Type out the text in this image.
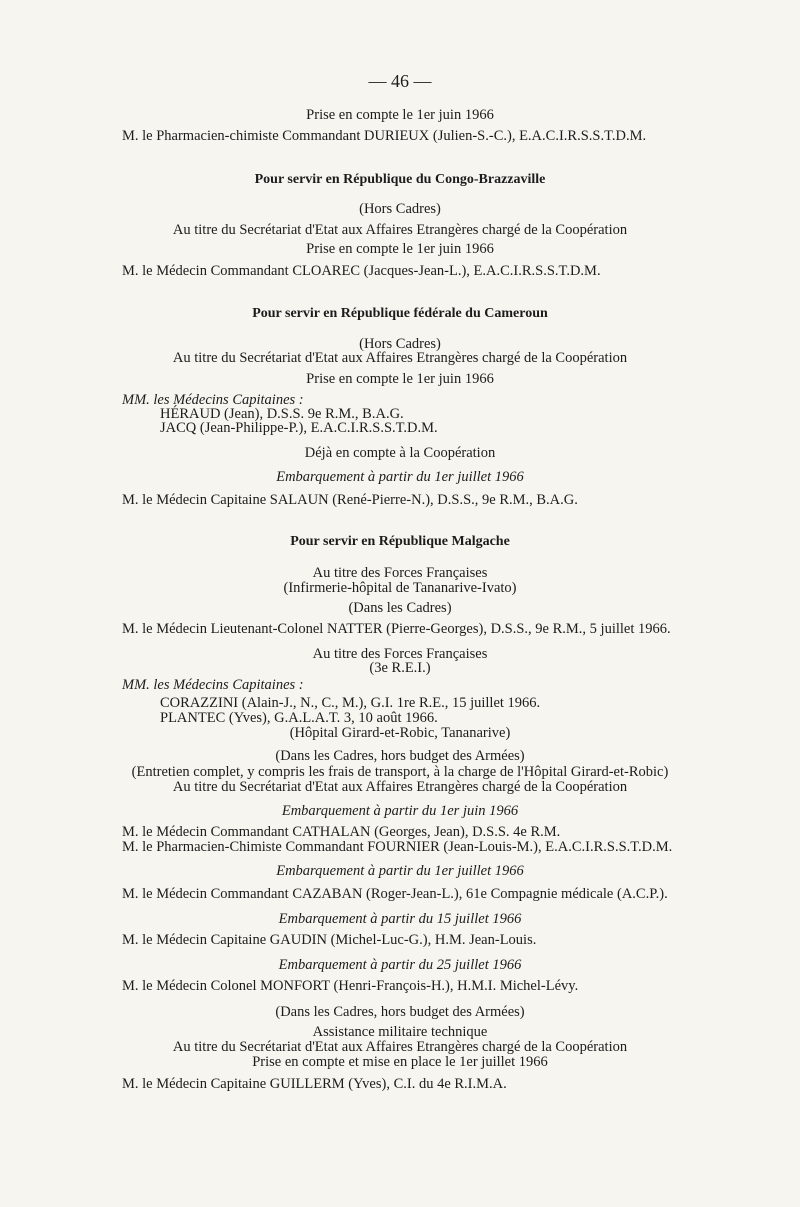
— 46 —
Prise en compte le 1er juin 1966
M. le Pharmacien-chimiste Commandant DURIEUX (Julien-S.-C.), E.A.C.I.R.S.S.T.D.M.
Pour servir en République du Congo-Brazzaville
(Hors Cadres)
Au titre du Secrétariat d'Etat aux Affaires Etrangères chargé de la Coopération
Prise en compte le 1er juin 1966
M. le Médecin Commandant CLOAREC (Jacques-Jean-L.), E.A.C.I.R.S.S.T.D.M.
Pour servir en République fédérale du Cameroun
(Hors Cadres)
Au titre du Secrétariat d'Etat aux Affaires Etrangères chargé de la Coopération
Prise en compte le 1er juin 1966
MM. les Médecins Capitaines :
HÉRAUD (Jean), D.S.S. 9e R.M., B.A.G.
JACQ (Jean-Philippe-P.), E.A.C.I.R.S.S.T.D.M.
Déjà en compte à la Coopération
Embarquement à partir du 1er juillet 1966
M. le Médecin Capitaine SALAUN (René-Pierre-N.), D.S.S., 9e R.M., B.A.G.
Pour servir en République Malgache
Au titre des Forces Françaises
(Infirmerie-hôpital de Tananarive-Ivato)
(Dans les Cadres)
M. le Médecin Lieutenant-Colonel NATTER (Pierre-Georges), D.S.S., 9e R.M., 5 juillet 1966.
Au titre des Forces Françaises
(3e R.E.I.)
MM. les Médecins Capitaines :
CORAZZINI (Alain-J., N., C., M.), G.I. 1re R.E., 15 juillet 1966.
PLANTEC (Yves), G.A.L.A.T. 3, 10 août 1966.
(Hôpital Girard-et-Robic, Tananarive)
(Dans les Cadres, hors budget des Armées)
(Entretien complet, y compris les frais de transport, à la charge de l'Hôpital Girard-et-Robic)
Au titre du Secrétariat d'Etat aux Affaires Etrangères chargé de la Coopération
Embarquement à partir du 1er juin 1966
M. le Médecin Commandant CATHALAN (Georges, Jean), D.S.S. 4e R.M.
M. le Pharmacien-Chimiste Commandant FOURNIER (Jean-Louis-M.), E.A.C.I.R.S.S.T.D.M.
Embarquement à partir du 1er juillet 1966
M. le Médecin Commandant CAZABAN (Roger-Jean-L.), 61e Compagnie médicale (A.C.P.).
Embarquement à partir du 15 juillet 1966
M. le Médecin Capitaine GAUDIN (Michel-Luc-G.), H.M. Jean-Louis.
Embarquement à partir du 25 juillet 1966
M. le Médecin Colonel MONFORT (Henri-François-H.), H.M.I. Michel-Lévy.
(Dans les Cadres, hors budget des Armées)
Assistance militaire technique
Au titre du Secrétariat d'Etat aux Affaires Etrangères chargé de la Coopération
Prise en compte et mise en place le 1er juillet 1966
M. le Médecin Capitaine GUILLERM (Yves), C.I. du 4e R.I.M.A.
